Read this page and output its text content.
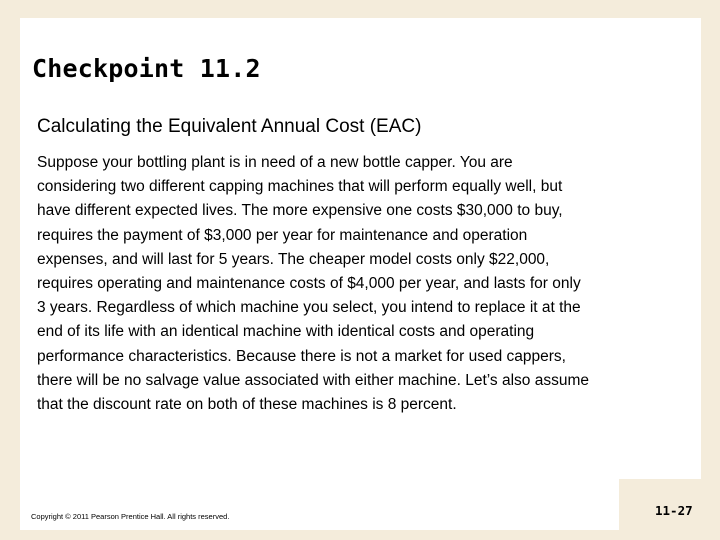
Checkpoint 11.2
Calculating the Equivalent Annual Cost (EAC)

Suppose your bottling plant is in need of a new bottle capper. You are
considering two different capping machines that will perform equally well, but
have different expected lives. The more expensive one costs $30,000 to buy,
requires the payment of $3,000 per year for maintenance and operation
expenses, and will last for 5 years. The cheaper model costs only $22,000,
requires operating and maintenance costs of $4,000 per year, and lasts for only
3 years. Regardless of which machine you select, you intend to replace it at the
end of its life with an identical machine with identical costs and operating
performance characteristics. Because there is not a market for used cappers,
there will be no salvage value associated with either machine. Let’s also assume
that the discount rate on both of these machines is 8 percent.

Copyright © 2011 Pearson Prentice Hall. All rights reserved.	11-27
